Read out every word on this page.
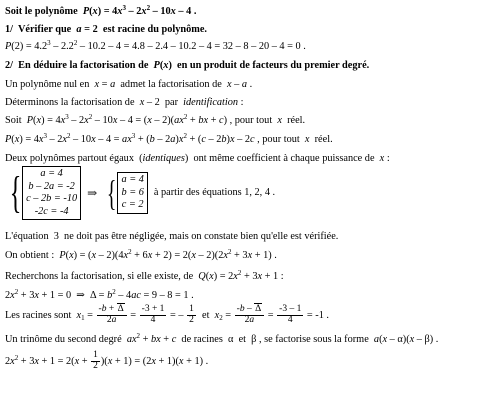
Soit le polynôme  $P(x) = 4x^3 - 2x^2 - 10x - 4$ .
1/  Vérifier que  a = 2  est racine du polynôme.
$P(2) = 4.2^3 - 2.2^2 - 10.2 - 4 = 4.8 - 2.4 - 10.2 - 4 = 32 - 8 - 20 - 4 = 0$ .
2/  En déduire la factorisation de  P(x)  en un produit de facteurs du premier degré.
Un polynôme nul en  x = a  admet la factorisation de  x – a .
Déterminons la factorisation de  x – 2  par  identification :
Soit  $P(x) = 4x^3 - 2x^2 - 10x - 4 = (x - 2)(ax^2$ + bx + c) , pour tout  x  réel.
$P(x) = 4x^3 - 2x^2 - 10x - 4 = ax^3 + (b - 2a)x^2 + (c - 2b)x - 2c$ , pour tout  x  réel.
Deux polynômes partout égaux  (identiques)  ont même coefficient à chaque puissance de  x :
{ a = 4
b – 2a = -2
c – 2b = -10
-2c = -4
⇒ { a = 4
b = 6
c = 2
à partir des équations 1, 2, 4 .
L'équation  3  ne doit pas être négligée, mais on constate bien qu'elle est vérifiée.
On obtient :  $P(x) = (x - 2)(4x^2 + 6x + 2) = 2(x - 2)(2x^2 + 3x + 1)$ .
Recherchons la factorisation, si elle existe, de  $Q(x) = 2x^2 + 3x + 1$ :
$2x^2 + 3x + 1 = 0$  ⇒  $\Delta = b^2 - 4ac = 9 - 8 = 1$ .
Les racines sont  $x_1 = \frac{-b + \Delta}{2a} = \frac{-3 + 1}{4}$ = – $\frac{1}{2}$ et  $x_2 = \frac{-b - \Delta}{2a} = \frac{-3 - 1}{4} = -1$ .
Un trinôme du second degré  $ax^2$ + bx + c  de racines  α  et  β , se factorise sous la forme  a(x – α)(x – β) .
$2x^2 + 3x + 1 = 2(x + \frac{1}{2} )(x + 1) = (2x + 1)(x + 1)$ .
